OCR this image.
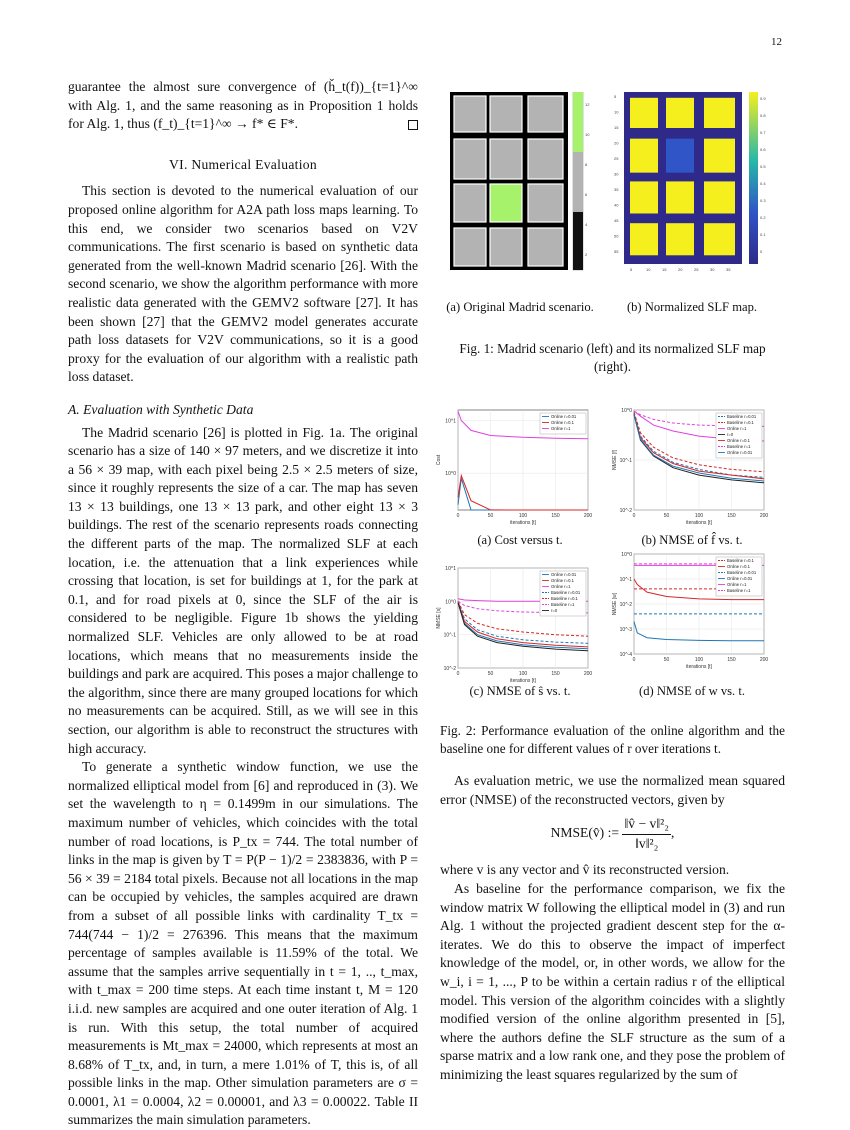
12

guarantee the almost sure convergence of (ȟ_t(f))_{t=1}^∞ with Alg. 1, and the same reasoning as in Proposition 1 holds for Alg. 1, thus (f_t)_{t=1}^∞ → f* ∈ F*.

VI. Numerical Evaluation

This section is devoted to the numerical evaluation of our proposed online algorithm for A2A path loss maps learning. To this end, we consider two scenarios based on V2V communications. The first scenario is based on synthetic data generated from the well-known Madrid scenario [26]. With the second scenario, we show the algorithm performance with more realistic data generated with the GEMV2 software [27]. It has been shown [27] that the GEMV2 model generates accurate path loss datasets for V2V communications, so it is a good proxy for the evaluation of our algorithm with a realistic path loss dataset.

A. Evaluation with Synthetic Data

The Madrid scenario [26] is plotted in Fig. 1a. The original scenario has a size of 140 × 97 meters, and we discretize it into a 56 × 39 map, with each pixel being 2.5 × 2.5 meters of size, since it roughly represents the size of a car. The map has seven 13 × 13 buildings, one 13 × 13 park, and other eight 13 × 3 buildings. The rest of the scenario represents roads connecting the different parts of the map. The normalized SLF at each location, i.e. the attenuation that a link experiences while crossing that location, is set for buildings at 1, for the park at 0.1, and for road pixels at 0, since the SLF of the air is considered to be negligible. Figure 1b shows the yielding normalized SLF. Vehicles are only allowed to be at road locations, which means that no measurements inside the buildings and park are acquired. This poses a major challenge to the algorithm, since there are many grouped locations for which no measurements can be acquired. Still, as we will see in this section, our algorithm is able to reconstruct the structures with high accuracy.

To generate a synthetic window function, we use the normalized elliptical model from [6] and reproduced in (3). We set the wavelength to η = 0.1499m in our simulations. The maximum number of vehicles, which coincides with the total number of road locations, is P_tx = 744. The total number of links in the map is given by T = P(P − 1)/2 = 2383836, with P = 56 × 39 = 2184 total pixels. Because not all locations in the map can be occupied by vehicles, the samples acquired are drawn from a subset of all possible links with cardinality T_tx = 744(744 − 1)/2 = 276396. This means that the maximum percentage of samples available is 11.59% of the total. We assume that the samples arrive sequentially in t = 1, .., t_max, with t_max = 200 time steps. At each time instant t, M = 120 i.i.d. new samples are acquired and one outer iteration of Alg. 1 is run. With this setup, the total number of acquired measurements is Mt_max = 24000, which represents at most an 8.68% of T_tx, and, in turn, a mere 1.01% of T, this is, of all possible links in the map. Other simulation parameters are σ = 0.0001, λ1 = 0.0004, λ2 = 0.00001, and λ3 = 0.00022. Table II summarizes the main simulation parameters.

12
10
8
6
4
2
0.9
0.8
0.7
0.6
0.5
0.4
0.3
0.2
0.1
0
5
10
15
20
25
30
35
40
45
50
55
5	10	15	20	25	30	35
(a) Original Madrid scenario.	(b) Normalized SLF map.
Fig. 1: Madrid scenario (left) and its normalized SLF map (right).
0	50	100	150	200
10^1
10^0
iterations [t]
Cost
Online r=0.01
Online r=0.1
Online r=1
0	50	100	150	200
10^0
10^-1
10^-2
iterations [t]
NMSE [f]
Baseline r=0.01
Baseline r=0.1
Online r=1
r=0
Online r=0.1
Baseline r=1
Online r=0.01
0	50	100	150	200
10^1
10^0
10^-1
10^-2
iterations [t]
NMSE [s]
Online r=0.01
Online r=0.1
Online r=1
Baseline r=0.01
Baseline r=0.1
Baseline r=1
r=0
0	50	100	150	200
10^0
10^-1
10^-2
10^-3
10^-4
iterations [t]
NMSE [w]
Baseline r=0.1
Online r=0.1
Baseline r=0.01
Online r=0.01
Online r=1
Baseline r=1
(a) Cost versus t.	(b) NMSE of f̂ vs. t.
(c) NMSE of ŝ vs. t.	(d) NMSE of w vs. t.
Fig. 2: Performance evaluation of the online algorithm and the baseline one for different values of r over iterations t.

As evaluation metric, we use the normalized mean squared error (NMSE) of the reconstructed vectors, given by

NMSE(v̂) := $\frac{\text{‖v̂ − v‖²₂}}{\text{‖v‖²₂}}$ ,

where v is any vector and v̂ its reconstructed version.

As baseline for the performance comparison, we fix the window matrix W following the elliptical model in (3) and run Alg. 1 without the projected gradient descent step for the α-iterates. We do this to observe the impact of imperfect knowledge of the model, or, in other words, we allow for the w_i, i = 1, ..., P to be within a certain radius r of the elliptical model. This version of the algorithm coincides with a slightly modified version of the online algorithm presented in [5], where the authors define the SLF structure as the sum of a sparse matrix and a low rank one, and they pose the problem of minimizing the least squares regularized by the sum of
